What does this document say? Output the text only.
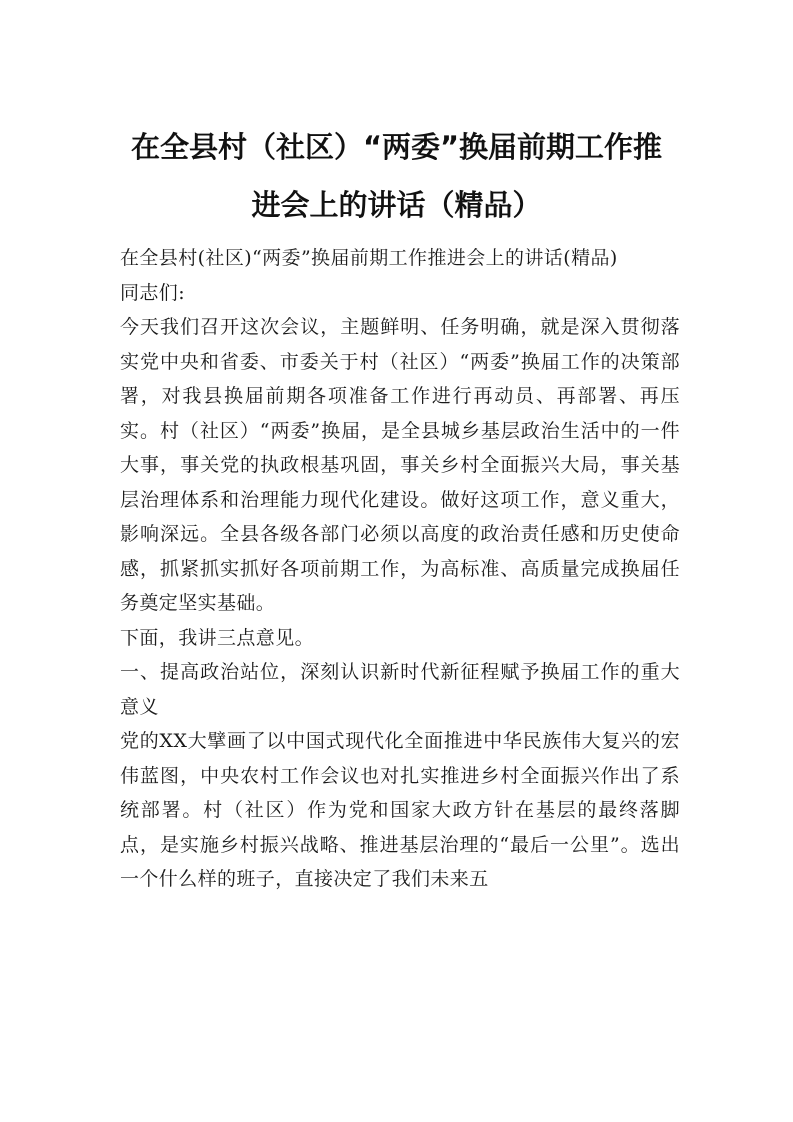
在全县村（社区）“两委”换届前期工作推
进会上的讲话（精品）

在全县村(社区)“两委”换届前期工作推进会上的讲话(精品)

同志们:

今天我们召开这次会议，主题鲜明、任务明确，就是深入贯彻落实党中央和省委、市委关于村（社区）“两委”换届工作的决策部署，对我县换届前期各项准备工作进行再动员、再部署、再压实。村（社区）“两委”换届，是全县城乡基层政治生活中的一件大事，事关党的执政根基巩固，事关乡村全面振兴大局，事关基层治理体系和治理能力现代化建设。做好这项工作，意义重大，影响深远。全县各级各部门必须以高度的政治责任感和历史使命感，抓紧抓实抓好各项前期工作，为高标准、高质量完成换届任务奠定坚实基础。

下面，我讲三点意见。

一、提高政治站位，深刻认识新时代新征程赋予换届工作的重大意义

党的XX大擘画了以中国式现代化全面推进中华民族伟大复兴的宏伟蓝图，中央农村工作会议也对扎实推进乡村全面振兴作出了系统部署。村（社区）作为党和国家大政方针在基层的最终落脚点，是实施乡村振兴战略、推进基层治理的“最后一公里”。选出一个什么样的班子，直接决定了我们未来五
